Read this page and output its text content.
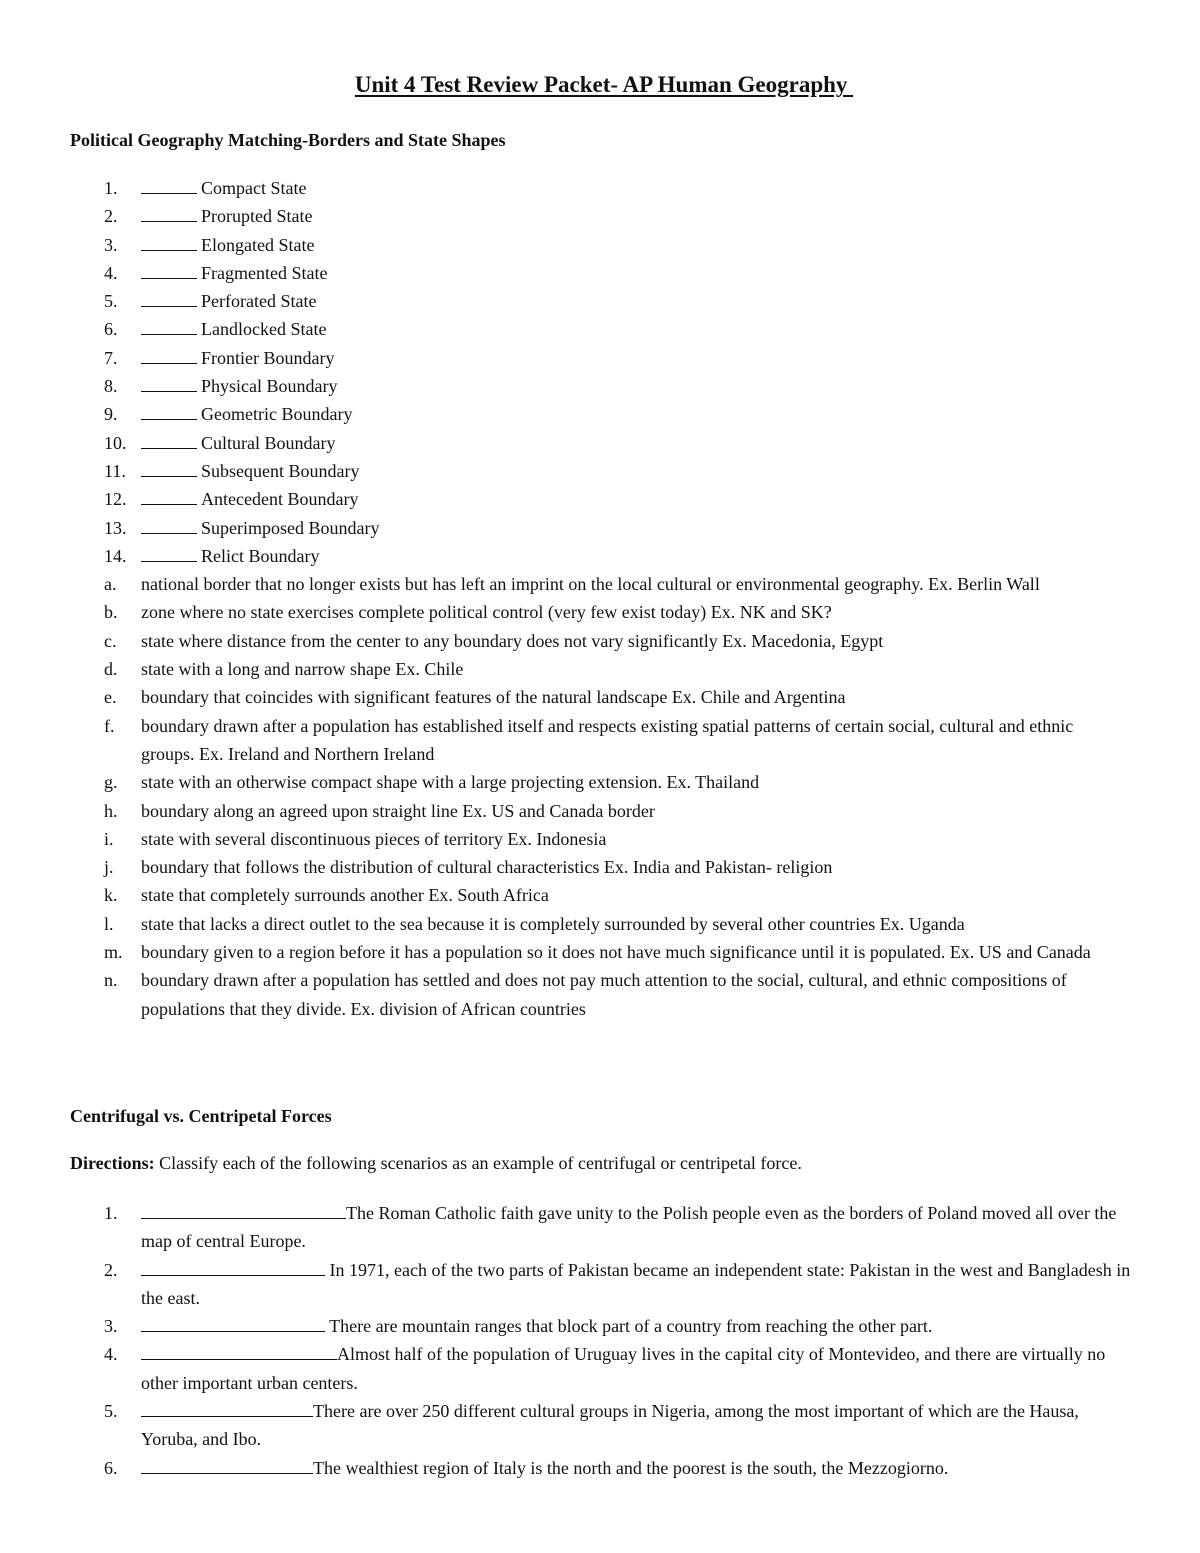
Unit 4 Test Review Packet- AP Human Geography
Political Geography Matching-Borders and State Shapes
1.	Compact State
2.	Prorupted State
3.	Elongated State
4.	Fragmented State
5.	Perforated State
6.	Landlocked State
7.	Frontier Boundary
8.	Physical Boundary
9.	Geometric Boundary
10.	Cultural Boundary
11.	Subsequent Boundary
12.	Antecedent Boundary
13.	Superimposed Boundary
14.	Relict Boundary
a. national border that no longer exists but has left an imprint on the local cultural or environmental geography. Ex. Berlin Wall
b. zone where no state exercises complete political control (very few exist today) Ex. NK and SK?
c. state where distance from the center to any boundary does not vary significantly Ex. Macedonia, Egypt
d. state with a long and narrow shape Ex. Chile
e. boundary that coincides with significant features of the natural landscape Ex. Chile and Argentina
f. boundary drawn after a population has established itself and respects existing spatial patterns of certain social, cultural and ethnic groups. Ex. Ireland and Northern Ireland
g. state with an otherwise compact shape with a large projecting extension. Ex. Thailand
h. boundary along an agreed upon straight line Ex. US and Canada border
i. state with several discontinuous pieces of territory Ex. Indonesia
j. boundary that follows the distribution of cultural characteristics Ex. India and Pakistan- religion
k. state that completely surrounds another Ex. South Africa
l. state that lacks a direct outlet to the sea because it is completely surrounded by several other countries Ex. Uganda
m. boundary given to a region before it has a population so it does not have much significance until it is populated. Ex. US and Canada
n. boundary drawn after a population has settled and does not pay much attention to the social, cultural, and ethnic compositions of populations that they divide. Ex. division of African countries
Centrifugal vs. Centripetal Forces
Directions: Classify each of the following scenarios as an example of centrifugal or centripetal force.
1.	The Roman Catholic faith gave unity to the Polish people even as the borders of Poland moved all over the map of central Europe.
2.	In 1971, each of the two parts of Pakistan became an independent state: Pakistan in the west and Bangladesh in the east.
3.	There are mountain ranges that block part of a country from reaching the other part.
4.	Almost half of the population of Uruguay lives in the capital city of Montevideo, and there are virtually no other important urban centers.
5.	There are over 250 different cultural groups in Nigeria, among the most important of which are the Hausa, Yoruba, and Ibo.
6.	The wealthiest region of Italy is the north and the poorest is the south, the Mezzogiorno.
